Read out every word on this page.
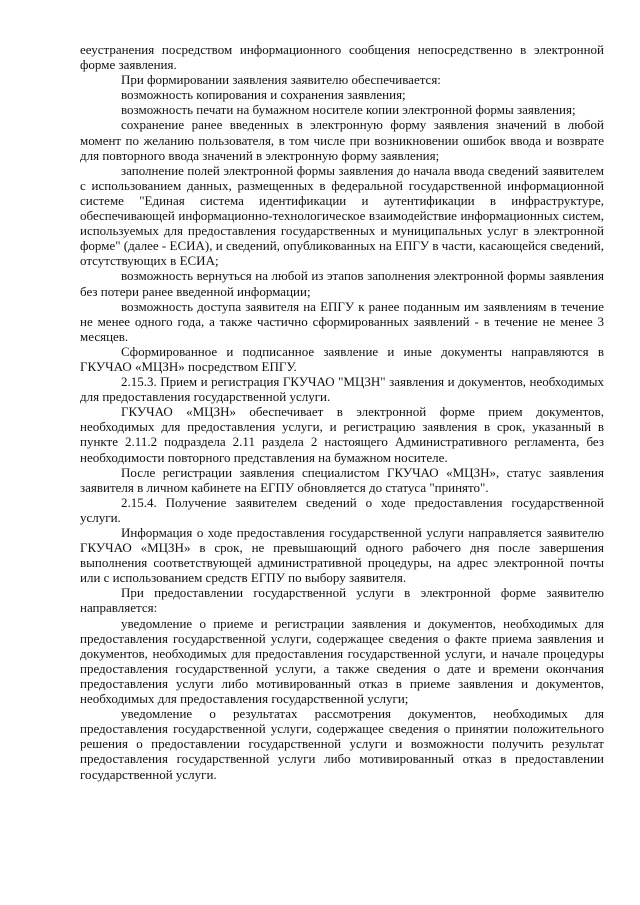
ееустранения посредством информационного сообщения непосредственно в электронной форме заявления.

При формировании заявления заявителю обеспечивается:

возможность копирования и сохранения заявления;

возможность печати на бумажном носителе копии электронной формы заявления;

сохранение ранее введенных в электронную форму заявления значений в любой момент по желанию пользователя, в том числе при возникновении ошибок ввода и возврате для повторного ввода значений в электронную форму заявления;

заполнение полей электронной формы заявления до начала ввода сведений заявителем с использованием данных, размещенных в федеральной государственной информационной системе "Единая система идентификации и аутентификации в инфраструктуре, обеспечивающей информационно-технологическое взаимодействие информационных систем, используемых для предоставления государственных и муниципальных услуг в электронной форме" (далее - ЕСИА), и сведений, опубликованных на ЕПГУ в части, касающейся сведений, отсутствующих в ЕСИА;

возможность вернуться на любой из этапов заполнения электронной формы заявления без потери ранее введенной информации;

возможность доступа заявителя на ЕПГУ к ранее поданным им заявлениям в течение не менее одного года, а также частично сформированных заявлений - в течение не менее 3 месяцев.

Сформированное и подписанное заявление и иные документы направляются в ГКУЧАО «МЦЗН» посредством ЕПГУ.

2.15.3. Прием и регистрация ГКУЧАО "МЦЗН" заявления и документов, необходимых для предоставления государственной услуги.

ГКУЧАО «МЦЗН» обеспечивает в электронной форме прием документов, необходимых для предоставления услуги, и регистрацию заявления в срок, указанный в пункте 2.11.2 подраздела 2.11 раздела 2 настоящего Административного регламента, без необходимости повторного представления на бумажном носителе.

После регистрации заявления специалистом ГКУЧАО «МЦЗН», статус заявления заявителя в личном кабинете на ЕГПУ обновляется до статуса "принято".

2.15.4. Получение заявителем сведений о ходе предоставления государственной услуги.

Информация о ходе предоставления государственной услуги направляется заявителю ГКУЧАО «МЦЗН» в срок, не превышающий одного рабочего дня после завершения выполнения соответствующей административной процедуры, на адрес электронной почты или с использованием средств ЕГПУ по выбору заявителя.

При предоставлении государственной услуги в электронной форме заявителю направляется:

уведомление о приеме и регистрации заявления и документов, необходимых для предоставления государственной услуги, содержащее сведения о факте приема заявления и документов, необходимых для предоставления государственной услуги, и начале процедуры предоставления государственной услуги, а также сведения о дате и времени окончания предоставления услуги либо мотивированный отказ в приеме заявления и документов, необходимых для предоставления государственной услуги;

уведомление о результатах рассмотрения документов, необходимых для предоставления государственной услуги, содержащее сведения о принятии положительного решения о предоставлении государственной услуги и возможности получить результат предоставления государственной услуги либо мотивированный отказ в предоставлении государственной услуги.
